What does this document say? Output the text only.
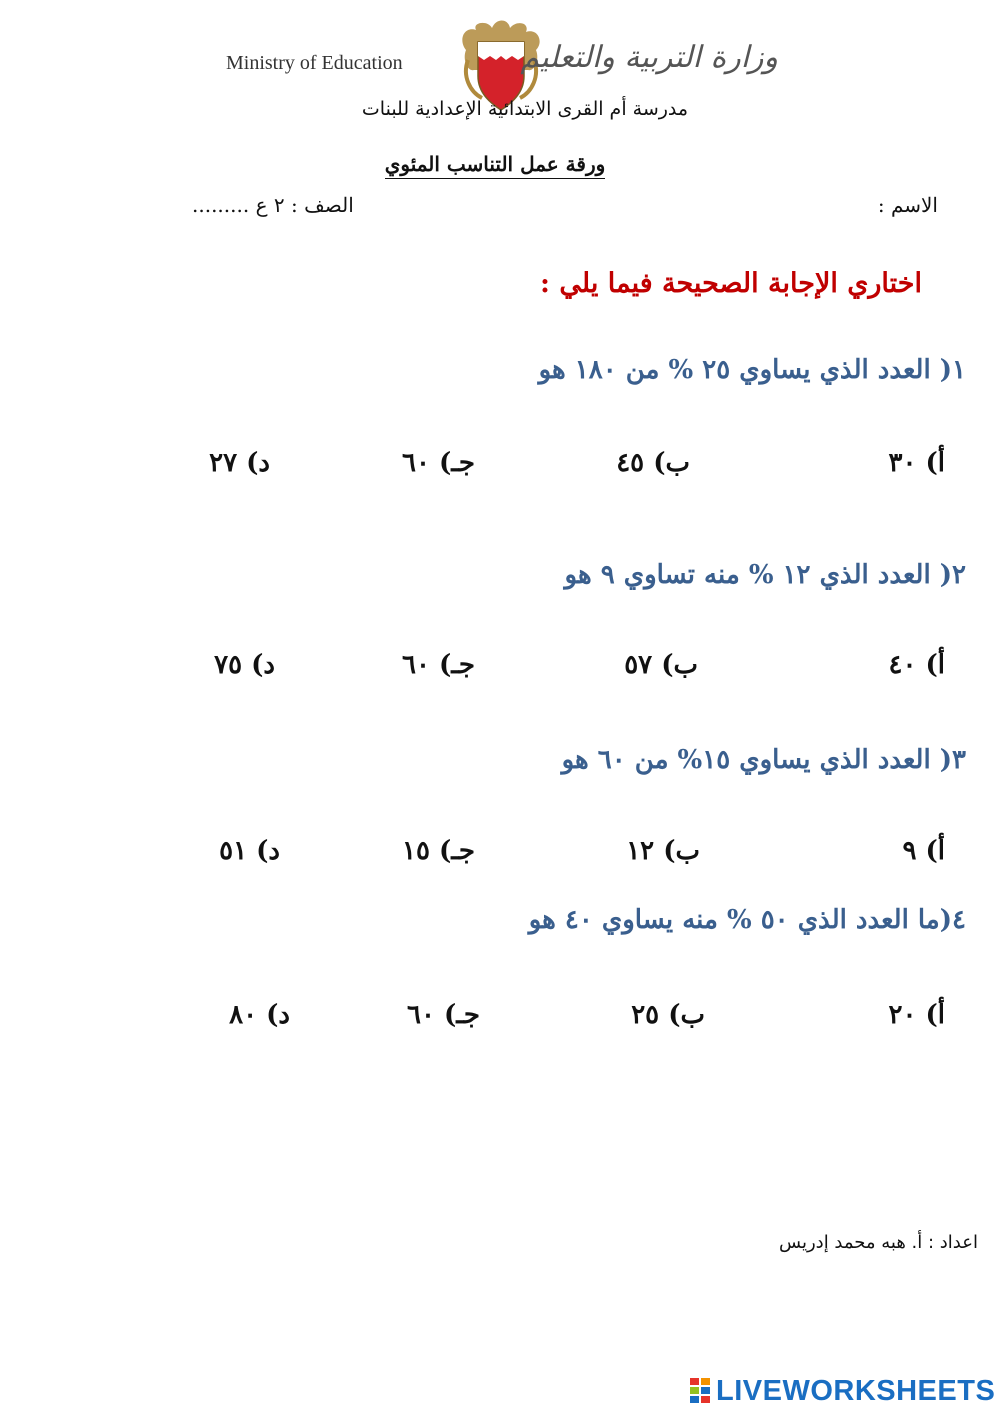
Ministry of Education	وزارة التربية والتعليم
مدرسة أم القرى الابتدائية الإعدادية للبنات
ورقة عمل التناسب المئوي
الاسم :
الصف : ٢ ع .........
اختاري الإجابة الصحيحة فيما يلي :
١( العدد الذي يساوي ٢٥ % من ١٨٠ هو
أ) ٣٠
ب) ٤٥
جـ) ٦٠
د) ٢٧
٢( العدد الذي ١٢ % منه تساوي ٩ هو
أ) ٤٠
ب) ٥٧
جـ) ٦٠
د) ٧٥
٣( العدد الذي يساوي ١٥% من ٦٠ هو
أ) ٩
ب) ١٢
جـ) ١٥
د) ٥١
٤(ما العدد الذي ٥٠ % منه يساوي ٤٠ هو
أ) ٢٠
ب) ٢٥
جـ) ٦٠
د) ٨٠
اعداد : أ. هبه محمد إدريس
LIVEWORKSHEETS
